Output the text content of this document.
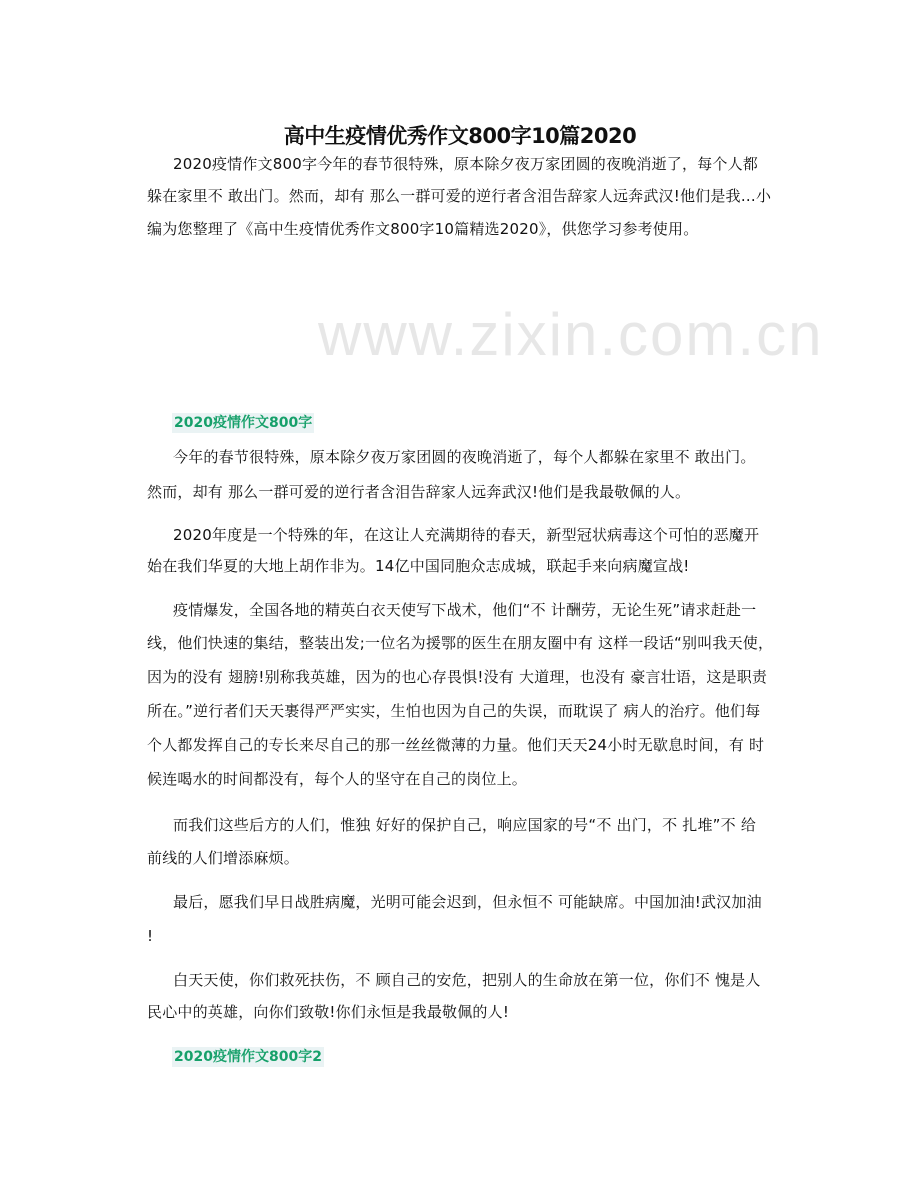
www.zixin.com.cn
高中生疫情优秀作文800字10篇2020
2020疫情作文800字今年的春节很特殊，原本除夕夜万家团圆的夜晚消逝了，每个人都
躲在家里不 敢出门。然而，却有 那么一群可爱的逆行者含泪告辞家人远奔武汉!他们是我…小
编为您整理了《高中生疫情优秀作文800字10篇精选2020》，供您学习参考使用。
2020疫情作文800字
今年的春节很特殊，原本除夕夜万家团圆的夜晚消逝了，每个人都躲在家里不 敢出门。
然而，却有 那么一群可爱的逆行者含泪告辞家人远奔武汉!他们是我最敬佩的人。
2020年度是一个特殊的年，在这让人充满期待的春天，新型冠状病毒这个可怕的恶魔开
始在我们华夏的大地上胡作非为。14亿中国同胞众志成城，联起手来向病魔宣战!
疫情爆发，全国各地的精英白衣天使写下战术，他们“不 计酬劳，无论生死”请求赶赴一
线，他们快速的集结，整装出发;一位名为援鄂的医生在朋友圈中有 这样一段话“别叫我天使，
因为的没有 翅膀!别称我英雄，因为的也心存畏惧!没有 大道理，也没有 豪言壮语，这是职责
所在。”逆行者们天天裹得严严实实，生怕也因为自己的失误，而耽误了 病人的治疗。他们每
个人都发挥自己的专长来尽自己的那一丝丝微薄的力量。他们天天24小时无歇息时间，有 时
候连喝水的时间都没有，每个人的坚守在自己的岗位上。
而我们这些后方的人们，惟独 好好的保护自己，响应国家的号“不 出门，不 扎堆”不 给
前线的人们增添麻烦。
最后，愿我们早日战胜病魔，光明可能会迟到，但永恒不 可能缺席。中国加油!武汉加油
!
白天天使，你们救死扶伤，不 顾自己的安危，把别人的生命放在第一位，你们不 愧是人
民心中的英雄，向你们致敬!你们永恒是我最敬佩的人!
2020疫情作文800字2
